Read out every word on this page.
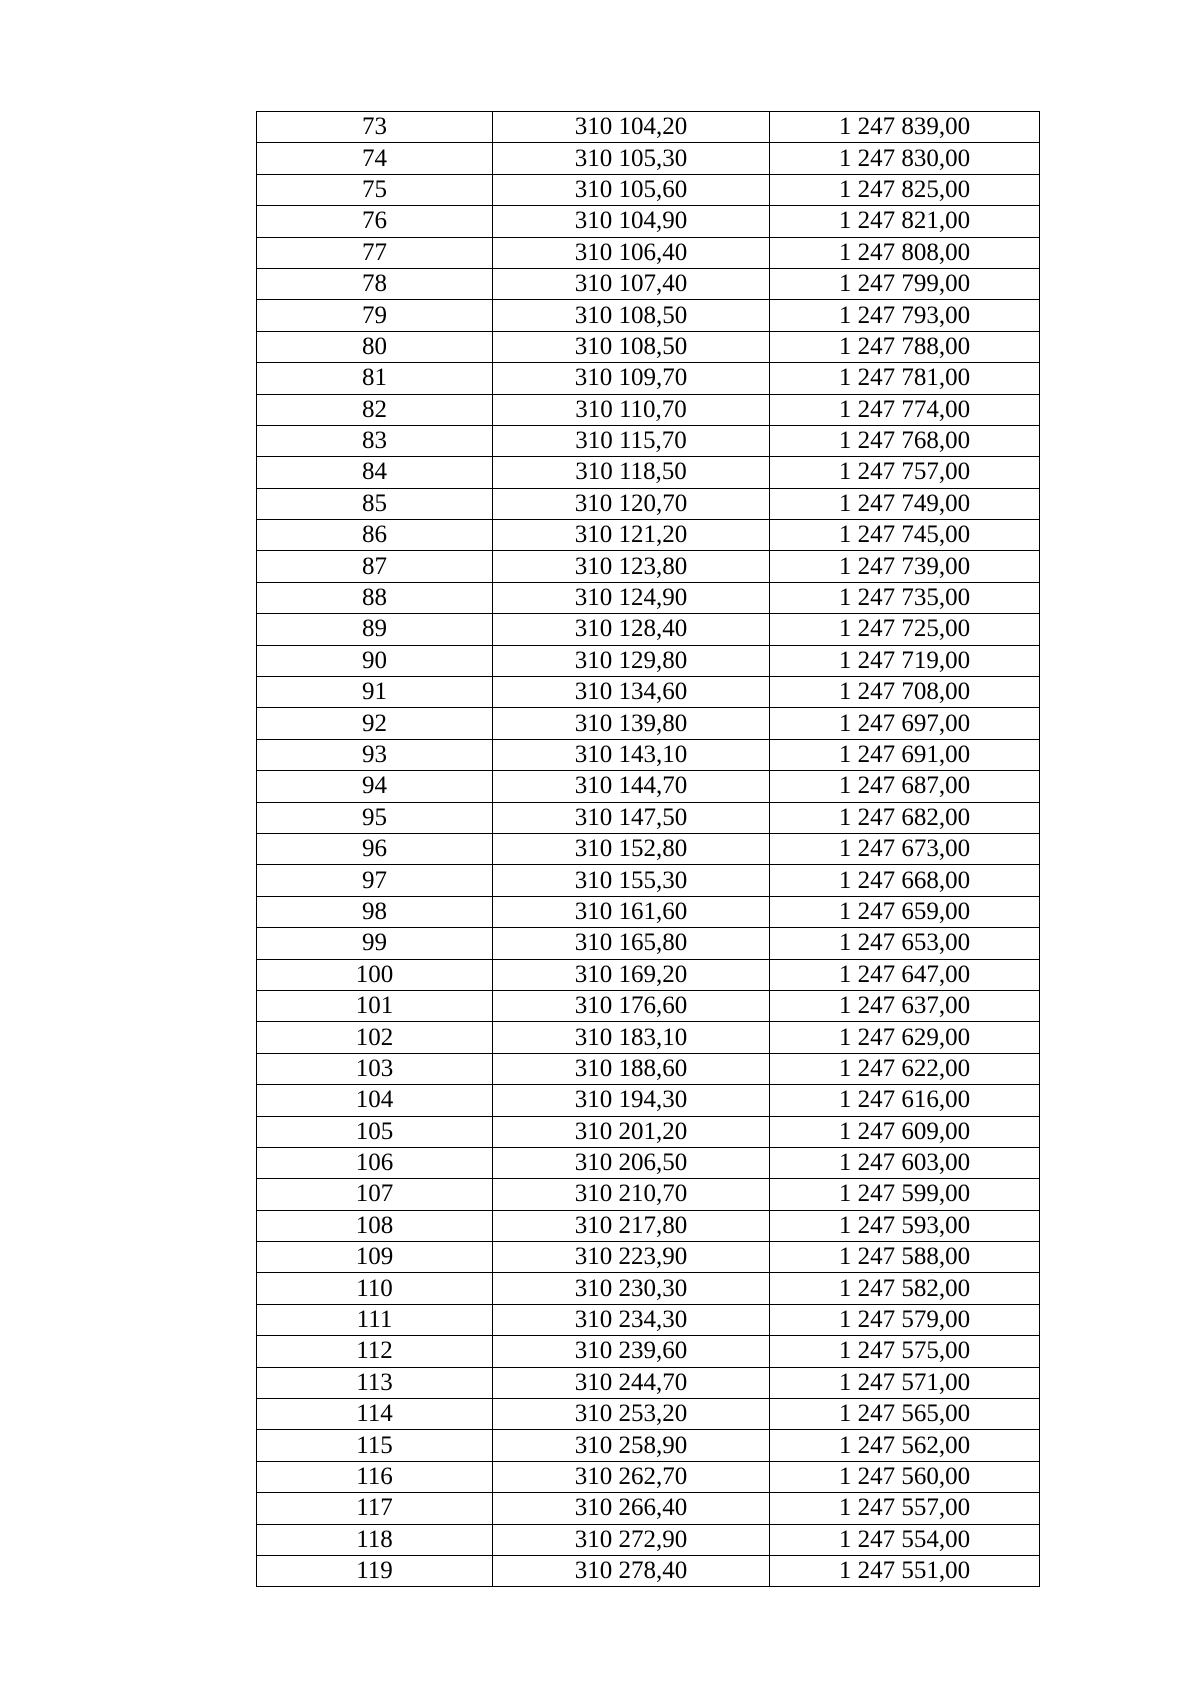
73	310 104,20	1 247 839,00
74	310 105,30	1 247 830,00
75	310 105,60	1 247 825,00
76	310 104,90	1 247 821,00
77	310 106,40	1 247 808,00
78	310 107,40	1 247 799,00
79	310 108,50	1 247 793,00
80	310 108,50	1 247 788,00
81	310 109,70	1 247 781,00
82	310 110,70	1 247 774,00
83	310 115,70	1 247 768,00
84	310 118,50	1 247 757,00
85	310 120,70	1 247 749,00
86	310 121,20	1 247 745,00
87	310 123,80	1 247 739,00
88	310 124,90	1 247 735,00
89	310 128,40	1 247 725,00
90	310 129,80	1 247 719,00
91	310 134,60	1 247 708,00
92	310 139,80	1 247 697,00
93	310 143,10	1 247 691,00
94	310 144,70	1 247 687,00
95	310 147,50	1 247 682,00
96	310 152,80	1 247 673,00
97	310 155,30	1 247 668,00
98	310 161,60	1 247 659,00
99	310 165,80	1 247 653,00
100	310 169,20	1 247 647,00
101	310 176,60	1 247 637,00
102	310 183,10	1 247 629,00
103	310 188,60	1 247 622,00
104	310 194,30	1 247 616,00
105	310 201,20	1 247 609,00
106	310 206,50	1 247 603,00
107	310 210,70	1 247 599,00
108	310 217,80	1 247 593,00
109	310 223,90	1 247 588,00
110	310 230,30	1 247 582,00
111	310 234,30	1 247 579,00
112	310 239,60	1 247 575,00
113	310 244,70	1 247 571,00
114	310 253,20	1 247 565,00
115	310 258,90	1 247 562,00
116	310 262,70	1 247 560,00
117	310 266,40	1 247 557,00
118	310 272,90	1 247 554,00
119	310 278,40	1 247 551,00
